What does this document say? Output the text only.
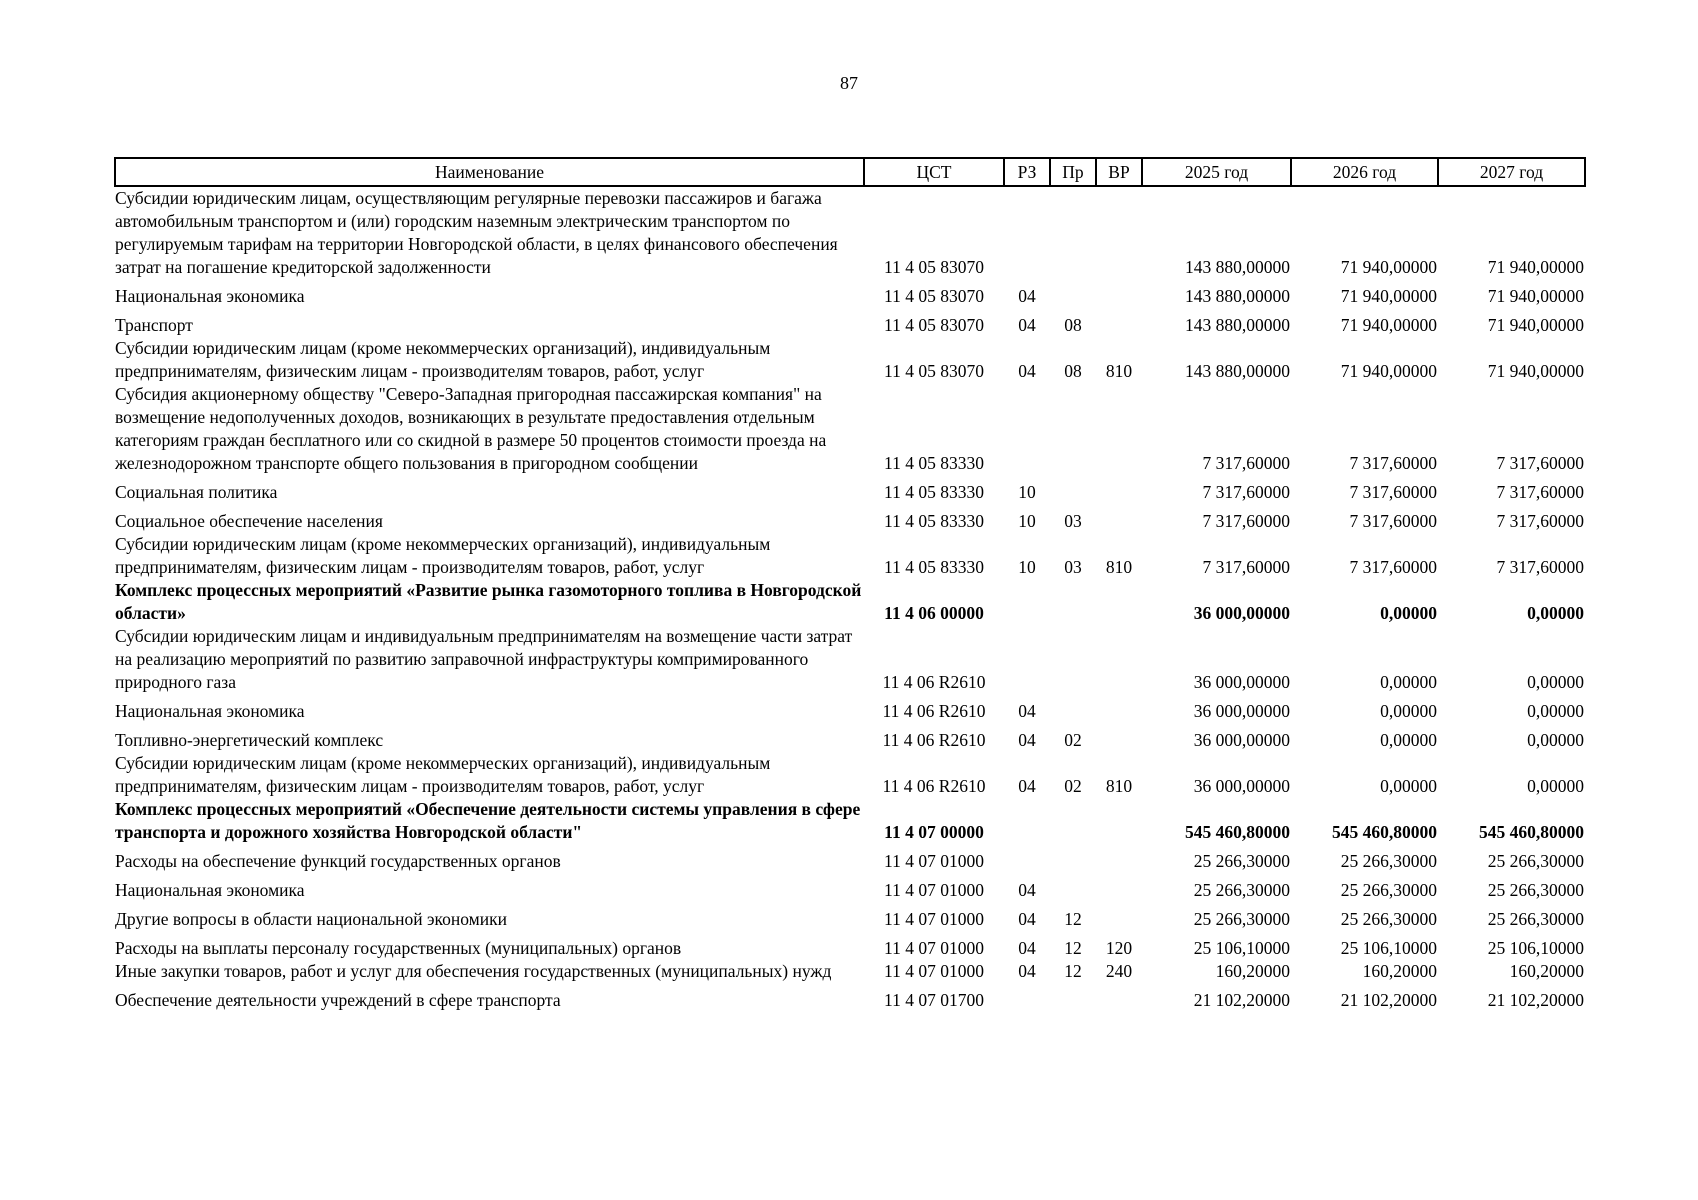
87
Наименование	ЦСТ	РЗ	Пр	ВР	2025 год	2026 год	2027 год
Субсидии юридическим лицам, осуществляющим регулярные перевозки пассажиров и багажа автомобильным транспортом и (или) городским наземным электрическим транспортом по регулируемым тарифам на территории Новгородской области, в целях финансового обеспечения затрат на погашение кредиторской задолженности	11 4 05 83070				143 880,00000	71 940,00000	71 940,00000
Национальная экономика	11 4 05 83070	04			143 880,00000	71 940,00000	71 940,00000
Транспорт	11 4 05 83070	04	08		143 880,00000	71 940,00000	71 940,00000
Субсидии юридическим лицам (кроме некоммерческих организаций), индивидуальным предпринимателям, физическим лицам - производителям товаров, работ, услуг	11 4 05 83070	04	08	810	143 880,00000	71 940,00000	71 940,00000
Субсидия акционерному обществу "Северо-Западная пригородная пассажирская компания" на возмещение недополученных доходов, возникающих в результате предоставления отдельным категориям граждан бесплатного или со скидной в размере 50 процентов стоимости проезда на железнодорожном транспорте общего пользования в пригородном сообщении	11 4 05 83330				7 317,60000	7 317,60000	7 317,60000
Социальная политика	11 4 05 83330	10			7 317,60000	7 317,60000	7 317,60000
Социальное обеспечение населения	11 4 05 83330	10	03		7 317,60000	7 317,60000	7 317,60000
Субсидии юридическим лицам (кроме некоммерческих организаций), индивидуальным предпринимателям, физическим лицам - производителям товаров, работ, услуг	11 4 05 83330	10	03	810	7 317,60000	7 317,60000	7 317,60000
Комплекс процессных мероприятий «Развитие рынка газомоторного топлива в Новгородской области»	11 4 06 00000				36 000,00000	0,00000	0,00000
Субсидии юридическим лицам и индивидуальным предпринимателям на возмещение части затрат на реализацию мероприятий по развитию заправочной инфраструктуры компримированного природного газа	11 4 06 R2610				36 000,00000	0,00000	0,00000
Национальная экономика	11 4 06 R2610	04			36 000,00000	0,00000	0,00000
Топливно-энергетический комплекс	11 4 06 R2610	04	02		36 000,00000	0,00000	0,00000
Субсидии юридическим лицам (кроме некоммерческих организаций), индивидуальным предпринимателям, физическим лицам - производителям товаров, работ, услуг	11 4 06 R2610	04	02	810	36 000,00000	0,00000	0,00000
Комплекс процессных мероприятий «Обеспечение деятельности системы управления в сфере транспорта и дорожного хозяйства Новгородской области"	11 4 07 00000				545 460,80000	545 460,80000	545 460,80000
Расходы на обеспечение функций государственных органов	11 4 07 01000				25 266,30000	25 266,30000	25 266,30000
Национальная экономика	11 4 07 01000	04			25 266,30000	25 266,30000	25 266,30000
Другие вопросы в области национальной экономики	11 4 07 01000	04	12		25 266,30000	25 266,30000	25 266,30000
Расходы на выплаты персоналу государственных (муниципальных) органов	11 4 07 01000	04	12	120	25 106,10000	25 106,10000	25 106,10000
Иные закупки товаров, работ и услуг для обеспечения государственных (муниципальных) нужд	11 4 07 01000	04	12	240	160,20000	160,20000	160,20000
Обеспечение деятельности учреждений в сфере транспорта	11 4 07 01700				21 102,20000	21 102,20000	21 102,20000
